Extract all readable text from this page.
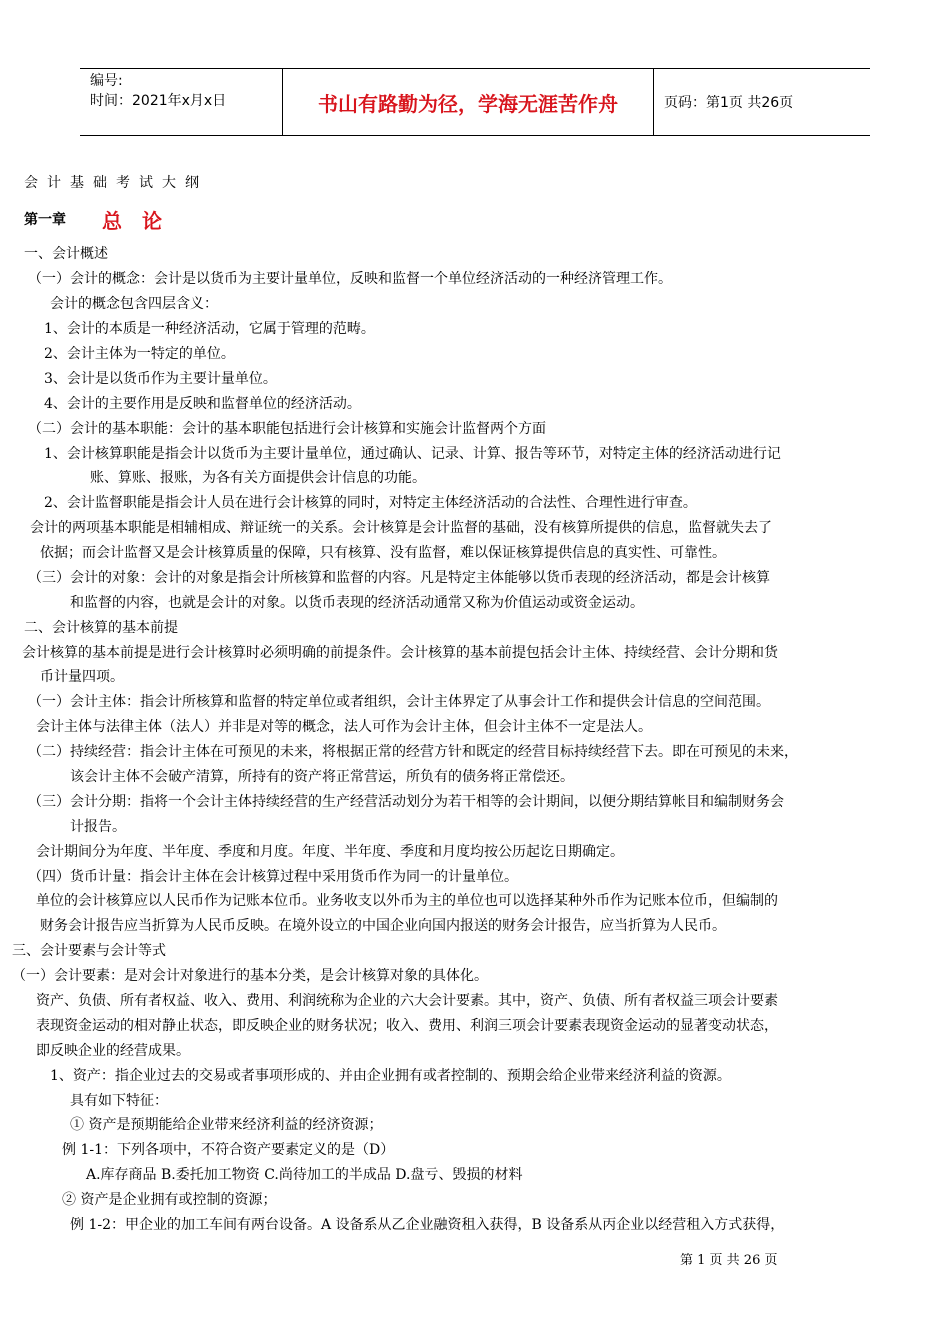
编号:
时间：2021年x月x日	书山有路勤为径，学海无涯苦作舟	页码：第1页 共26页
会计基础考试大纲
第一章 总论
一、会计概述
（一）会计的概念：会计是以货币为主要计量单位，反映和监督一个单位经济活动的一种经济管理工作。
会计的概念包含四层含义：
1、会计的本质是一种经济活动，它属于管理的范畴。
2、会计主体为一特定的单位。
3、会计是以货币作为主要计量单位。
4、会计的主要作用是反映和监督单位的经济活动。
（二）会计的基本职能：会计的基本职能包括进行会计核算和实施会计监督两个方面
1、会计核算职能是指会计以货币为主要计量单位，通过确认、记录、计算、报告等环节，对特定主体的经济活动进行记
账、算账、报账，为各有关方面提供会计信息的功能。
2、会计监督职能是指会计人员在进行会计核算的同时，对特定主体经济活动的合法性、合理性进行审查。
会计的两项基本职能是相辅相成、辩证统一的关系。会计核算是会计监督的基础，没有核算所提供的信息，监督就失去了
依据；而会计监督又是会计核算质量的保障，只有核算、没有监督，难以保证核算提供信息的真实性、可靠性。
（三）会计的对象：会计的对象是指会计所核算和监督的内容。凡是特定主体能够以货币表现的经济活动，都是会计核算
和监督的内容，也就是会计的对象。以货币表现的经济活动通常又称为价值运动或资金运动。
二、会计核算的基本前提
会计核算的基本前提是进行会计核算时必须明确的前提条件。会计核算的基本前提包括会计主体、持续经营、会计分期和货
币计量四项。
（一）会计主体：指会计所核算和监督的特定单位或者组织，会计主体界定了从事会计工作和提供会计信息的空间范围。
会计主体与法律主体（法人）并非是对等的概念，法人可作为会计主体，但会计主体不一定是法人。
（二）持续经营：指会计主体在可预见的未来，将根据正常的经营方针和既定的经营目标持续经营下去。即在可预见的未来，
该会计主体不会破产清算，所持有的资产将正常营运，所负有的债务将正常偿还。
（三）会计分期：指将一个会计主体持续经营的生产经营活动划分为若干相等的会计期间，以便分期结算帐目和编制财务会
计报告。
会计期间分为年度、半年度、季度和月度。年度、半年度、季度和月度均按公历起讫日期确定。
（四）货币计量：指会计主体在会计核算过程中采用货币作为同一的计量单位。
单位的会计核算应以人民币作为记账本位币。业务收支以外币为主的单位也可以选择某种外币作为记账本位币，但编制的
财务会计报告应当折算为人民币反映。在境外设立的中国企业向国内报送的财务会计报告，应当折算为人民币。
三、会计要素与会计等式
（一）会计要素：是对会计对象进行的基本分类，是会计核算对象的具体化。
资产、负债、所有者权益、收入、费用、利润统称为企业的六大会计要素。其中，资产、负债、所有者权益三项会计要素
表现资金运动的相对静止状态，即反映企业的财务状况；收入、费用、利润三项会计要素表现资金运动的显著变动状态，
即反映企业的经营成果。
1、资产：指企业过去的交易或者事项形成的、并由企业拥有或者控制的、预期会给企业带来经济利益的资源。
具有如下特征：
① 资产是预期能给企业带来经济利益的经济资源；
例 1-1：下列各项中，不符合资产要素定义的是（D）
A.库存商品 B.委托加工物资 C.尚待加工的半成品 D.盘亏、毁损的材料
② 资产是企业拥有或控制的资源；
例 1-2：甲企业的加工车间有两台设备。A 设备系从乙企业融资租入获得，B 设备系从丙企业以经营租入方式获得，
第 1 页 共 26 页
